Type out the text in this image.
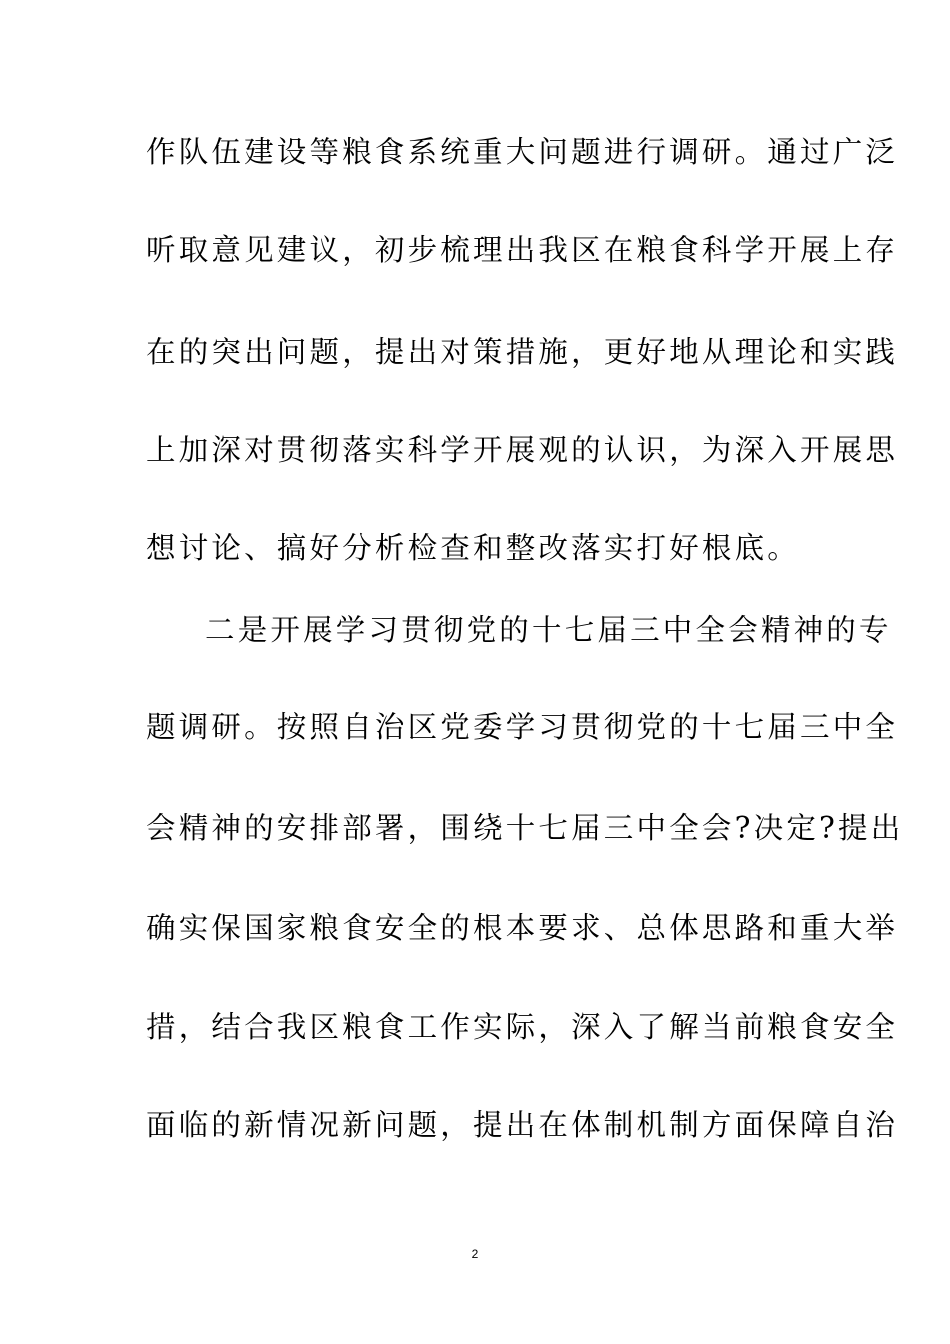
作队伍建设等粮食系统重大问题进行调研。通过广泛
听取意见建议，初步梳理出我区在粮食科学开展上存
在的突出问题，提出对策措施，更好地从理论和实践
上加深对贯彻落实科学开展观的认识，为深入开展思
想讨论、搞好分析检查和整改落实打好根底。
二是开展学习贯彻党的十七届三中全会精神的专
题调研。按照自治区党委学习贯彻党的十七届三中全
会精神的安排部署，围绕十七届三中全会?决定?提出
确实保国家粮食安全的根本要求、总体思路和重大举
措，结合我区粮食工作实际，深入了解当前粮食安全
面临的新情况新问题，提出在体制机制方面保障自治
2
